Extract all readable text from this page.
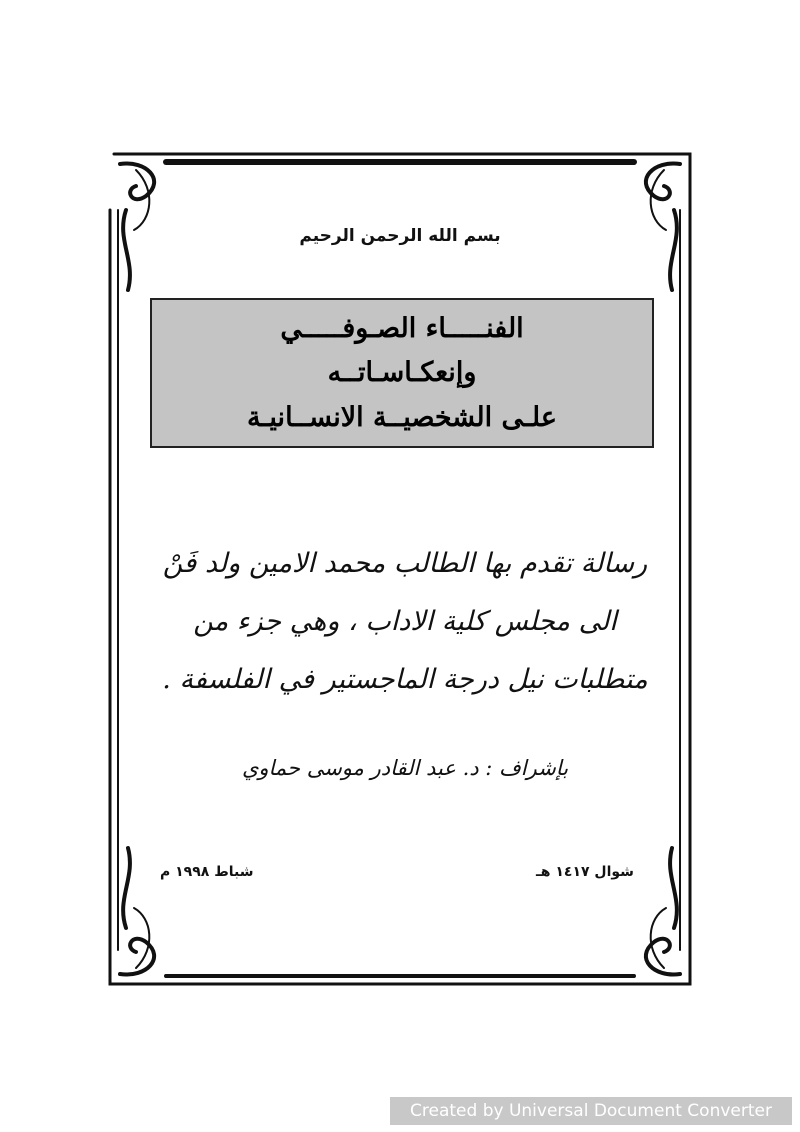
بسم الله الرحمن الرحيم
الفنـــــاء الصـوفـــــي
وإنعكـاسـاتــه
علـى الشخصيــة الانســانيـة
رسالة تقدم بها الطالب محمد الامين ولد فَنْ
الى مجلس كلية الاداب ، وهي جزء من
متطلبات نيل درجة الماجستير في الفلسفة .
بإشراف : د. عبد القادر موسى حماوي
شباط ١٩٩٨ م	شوال ١٤١٧ هـ
Created by Universal Document Converter
